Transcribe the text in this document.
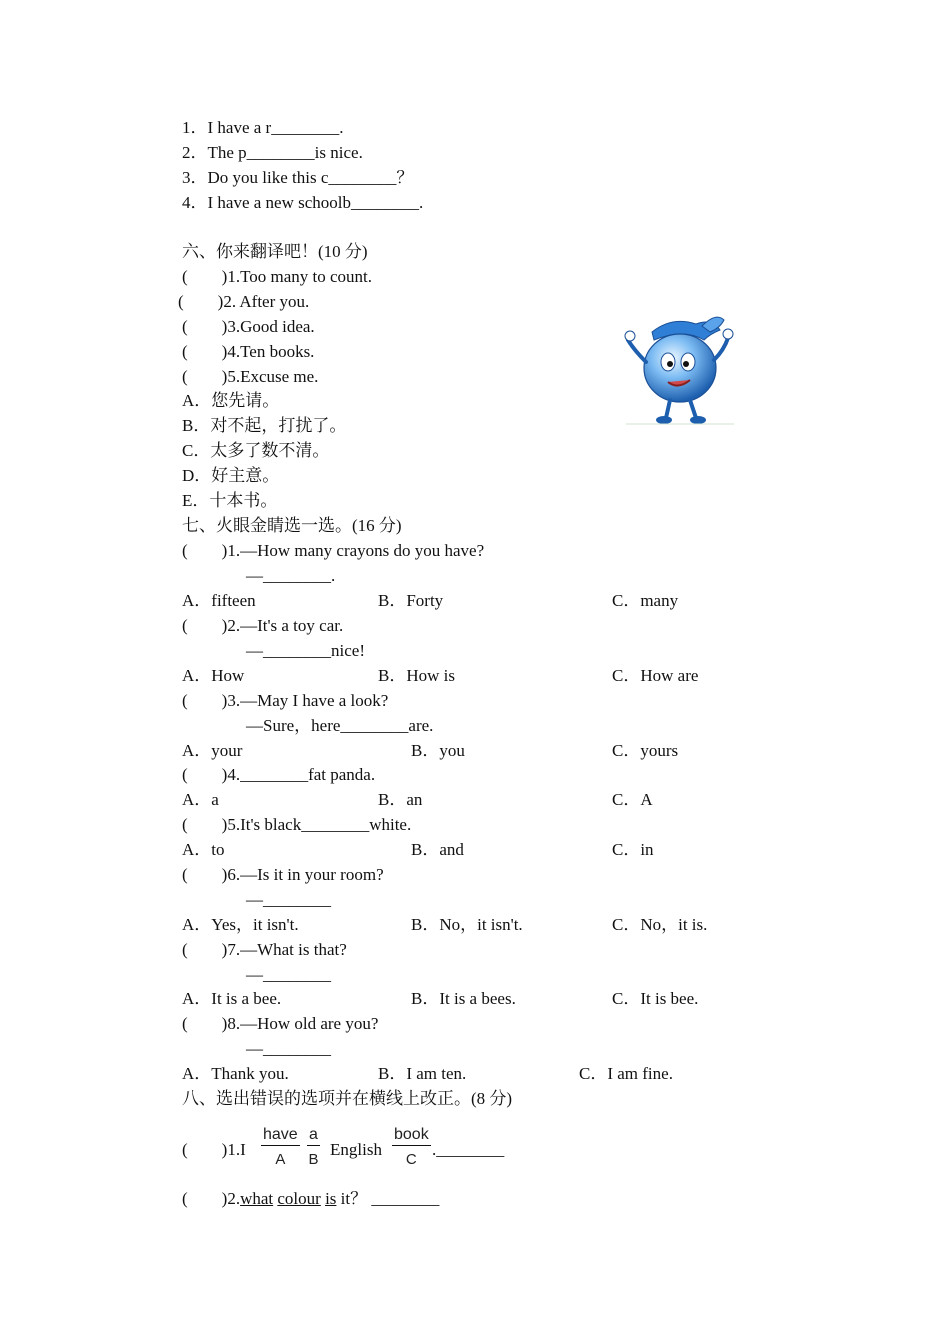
1．I have a r________.
2．The p________is nice.
3．Do you like this c________？
4．I have a new schoolb________.
六、你来翻译吧！(10 分)
(　　)1.Too many to count.
(　　)2. After you.
(　　)3.Good idea.
(　　)4.Ten books.
(　　)5.Excuse me.
A．您先请。
B．对不起，打扰了。
C．太多了数不清。
D．好主意。
E．十本书。
七、火眼金睛选一选。(16 分)
(　　)1.—How many crayons do you have?
—________.
A．fifteen	B．Forty	C．many
(　　)2.—It's a toy car.
—________nice!
A．How	B．How is	C．How are
(　　)3.—May I have a look?
—Sure，here________are.
A．your	B．you	C．yours
(　　)4.________fat panda.
A．a	B．an	C．A
(　　)5.It's black________white.
A．to	B．and	C．in
(　　)6.—Is it in your room?
—________
A．Yes，it isn't.	B．No，it isn't.	C．No，it is.
(　　)7.—What is that?
—________
A．It is a bee.	B．It is a bees.	C．It is bee.
(　　)8.—How old are you?
—________
A．Thank you.	B．I am ten.	C．I am fine.
八、选出错误的选项并在横线上改正。(8 分)
(　　)1.I
have
A
a
B
English
book
C
.________
(　　)2.what colour is it？ ________
